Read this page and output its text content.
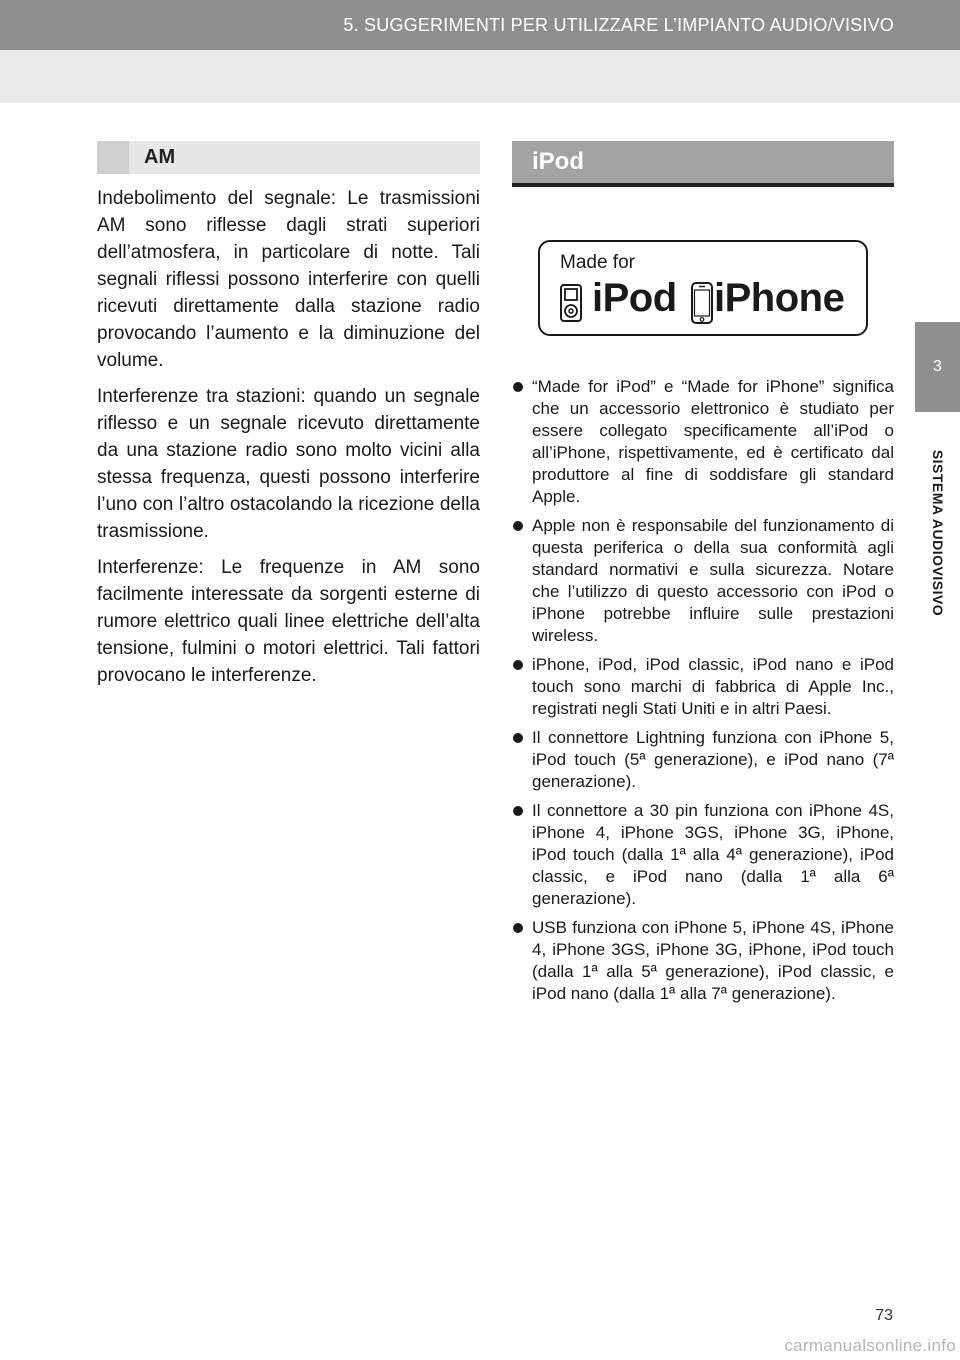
5. SUGGERIMENTI PER UTILIZZARE L’IMPIANTO AUDIO/VISIVO
3
SISTEMA AUDIOVISIVO
AM

Indebolimento del segnale: Le trasmissioni AM sono riflesse dagli strati superiori dell’atmosfera, in particolare di notte. Tali segnali riflessi possono interferire con quelli ricevuti direttamente dalla stazione radio provocando l’aumento e la diminuzione del volume.

Interferenze tra stazioni: quando un segnale riflesso e un segnale ricevuto direttamente da una stazione radio sono molto vicini alla stessa frequenza, questi possono interferire l’uno con l’altro ostacolando la ricezione della trasmissione.

Interferenze: Le frequenze in AM sono facilmente interessate da sorgenti esterne di rumore elettrico quali linee elettriche dell’alta tensione, fulmini o motori elettrici. Tali fattori provocano le interferenze.

iPod
Made for
iPod iPhone
“Made for iPod” e “Made for iPhone” significa che un accessorio elettronico è studiato per essere collegato specificamente all’iPod o all’iPhone, rispettivamente, ed è certificato dal produttore al fine di soddisfare gli standard Apple.
Apple non è responsabile del funzionamento di questa periferica o della sua conformità agli standard normativi e sulla sicurezza. Notare che l’utilizzo di questo accessorio con iPod o iPhone potrebbe influire sulle prestazioni wireless.
iPhone, iPod, iPod classic, iPod nano e iPod touch sono marchi di fabbrica di Apple Inc., registrati negli Stati Uniti e in altri Paesi.
Il connettore Lightning funziona con iPhone 5, iPod touch (5ª generazione), e iPod nano (7ª generazione).
Il connettore a 30 pin funziona con iPhone 4S, iPhone 4, iPhone 3GS, iPhone 3G, iPhone, iPod touch (dalla 1ª alla 4ª generazione), iPod classic, e iPod nano (dalla 1ª alla 6ª generazione).
USB funziona con iPhone 5, iPhone 4S, iPhone 4, iPhone 3GS, iPhone 3G, iPhone, iPod touch (dalla 1ª alla 5ª generazione), iPod classic, e iPod nano (dalla 1ª alla 7ª generazione).
73
carmanualsonline.info
